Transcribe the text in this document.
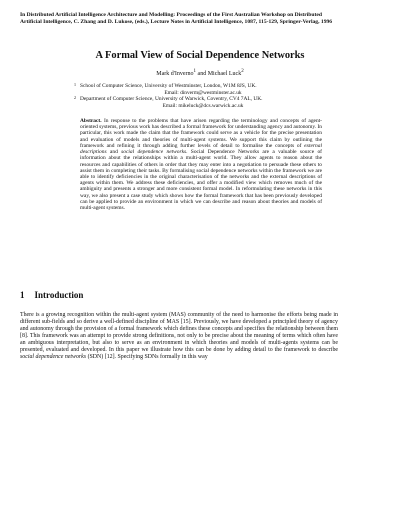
In Distributed Artificial Intelligence Architecture and Modelling: Proceedings of the First Australian Workshop on Distributed Artificial Intelligence, C. Zhang and D. Lukose, (eds.), Lecture Notes in Artificial Intelligence, 1087, 115-129, Springer-Verlag, 1996
A Formal View of Social Dependence Networks
Mark d'Inverno$^1$ and Michael Luck$^2$
1 School of Computer Science, University of Westminster, London, W1M 8JS, UK.
Email: dinverm@westminster.ac.uk
2 Department of Computer Science, University of Warwick, Coventry, CV4 7AL, UK.
Email: mikeluck@dcs.warwick.ac.uk
Abstract. In response to the problems that have arisen regarding the terminology and concepts of agent-oriented systems, previous work has described a formal framework for understanding agency and autonomy. In particular, this work made the claim that the framework could serve as a vehicle for the precise presentation and evaluation of models and theories of multi-agent systems. We support this claim by outlining the framework and refining it through adding further levels of detail to formalise the concepts of external descriptions and social dependence networks. Social Dependence Networks are a valuable source of information about the relationships within a multi-agent world. They allow agents to reason about the resources and capabilities of others in order that they may enter into a negotiation to persuade these others to assist them in completing their tasks. By formalising social dependence networks within the framework we are able to identify deficiencies in the original characterisation of the networks and the external descriptions of agents within them. We address these deficiencies, and offer a modified view which removes much of the ambiguity and presents a stronger and more consistent formal model. In reformulating these networks in this way, we also present a case study which shows how the formal framework that has been previously developed can be applied to provide an environment in which we can describe and reason about theories and models of multi-agent systems.
1 Introduction
There is a growing recognition within the multi-agent system (MAS) community of the need to harmonise the efforts being made in different sub-fields and so derive a well-defined discipline of MAS [15]. Previously, we have developed a principled theory of agency and autonomy through the provision of a formal framework which defines these concepts and specifies the relationship between them [8]. This framework was an attempt to provide strong definitions, not only to be precise about the meaning of terms which often have an ambiguous interpretation, but also to serve as an environment in which theories and models of multi-agents systems can be presented, evaluated and developed. In this paper we illustrate how this can be done by adding detail to the framework to describe social dependence networks (SDN) [12]. Specifying SDNs formally in this way
